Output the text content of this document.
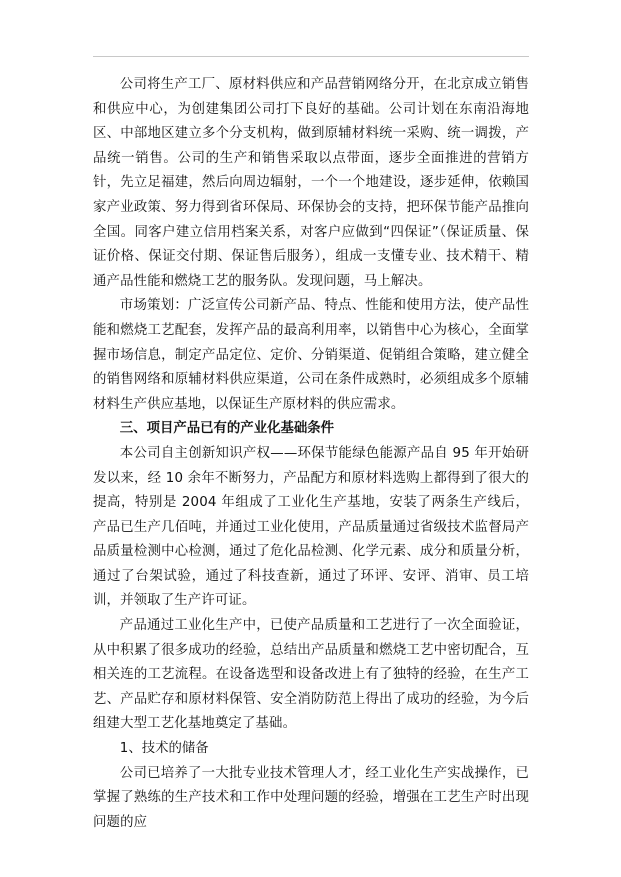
公司将生产工厂、原材料供应和产品营销网络分开，在北京成立销售和供应中心，为创建集团公司打下良好的基础。公司计划在东南沿海地区、中部地区建立多个分支机构，做到原辅材料统一采购、统一调拨，产品统一销售。公司的生产和销售采取以点带面，逐步全面推进的营销方针，先立足福建，然后向周边辐射，一个一个地建设，逐步延伸，依赖国家产业政策、努力得到省环保局、环保协会的支持，把环保节能产品推向全国。同客户建立信用档案关系，对客户应做到“四保证”（保证质量、保证价格、保证交付期、保证售后服务），组成一支懂专业、技术精干、精通产品性能和燃烧工艺的服务队。发现问题，马上解决。

市场策划：广泛宣传公司新产品、特点、性能和使用方法，使产品性能和燃烧工艺配套，发挥产品的最高利用率，以销售中心为核心，全面掌握市场信息，制定产品定位、定价、分销渠道、促销组合策略，建立健全的销售网络和原辅材料供应渠道，公司在条件成熟时，必须组成多个原辅材料生产供应基地，以保证生产原材料的供应需求。

三、项目产品已有的产业化基础条件

本公司自主创新知识产权——环保节能绿色能源产品自 95 年开始研发以来，经 10 余年不断努力，产品配方和原材料选购上都得到了很大的提高，特别是 2004 年组成了工业化生产基地，安装了两条生产线后，产品已生产几佰吨，并通过工业化使用，产品质量通过省级技术监督局产品质量检测中心检测，通过了危化品检测、化学元素、成分和质量分析，通过了台架试验，通过了科技查新，通过了环评、安评、消审、员工培训，并领取了生产许可证。

产品通过工业化生产中，已使产品质量和工艺进行了一次全面验证，从中积累了很多成功的经验，总结出产品质量和燃烧工艺中密切配合，互相关连的工艺流程。在设备选型和设备改进上有了独特的经验，在生产工艺、产品贮存和原材料保管、安全消防防范上得出了成功的经验，为今后组建大型工艺化基地奠定了基础。

1、技术的储备

公司已培养了一大批专业技术管理人才，经工业化生产实战操作，已掌握了熟练的生产技术和工作中处理问题的经验，增强在工艺生产时出现问题的应
